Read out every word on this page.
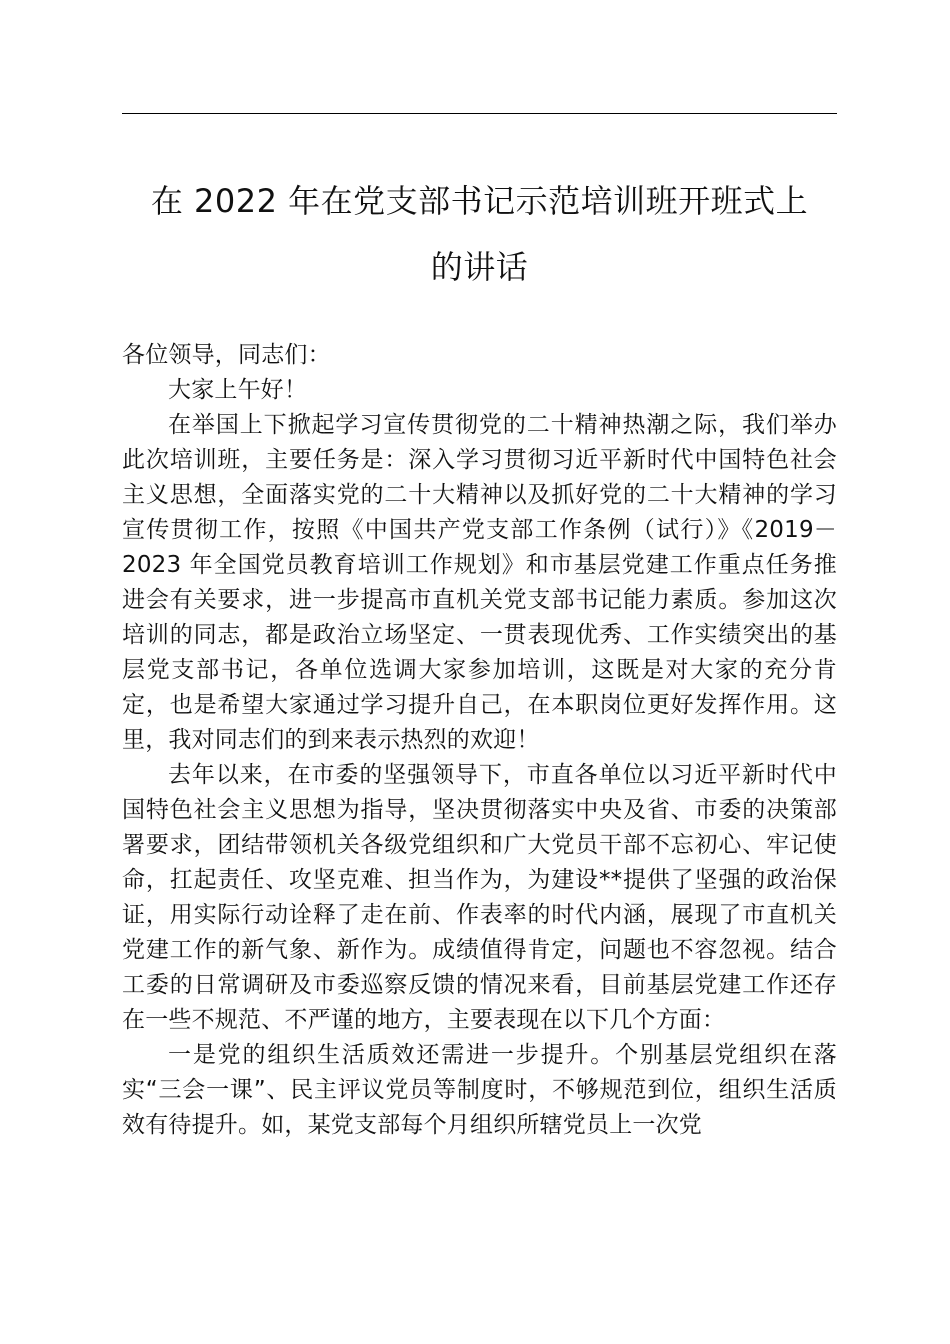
在 2022 年在党支部书记示范培训班开班式上
的讲话

各位领导，同志们：

大家上午好！

在举国上下掀起学习宣传贯彻党的二十精神热潮之际，我们举办此次培训班，主要任务是：深入学习贯彻习近平新时代中国特色社会主义思想，全面落实党的二十大精神以及抓好党的二十大精神的学习宣传贯彻工作，按照《中国共产党支部工作条例（试行）》《2019－2023 年全国党员教育培训工作规划》和市基层党建工作重点任务推进会有关要求，进一步提高市直机关党支部书记能力素质。参加这次培训的同志，都是政治立场坚定、一贯表现优秀、工作实绩突出的基层党支部书记，各单位选调大家参加培训，这既是对大家的充分肯定，也是希望大家通过学习提升自己，在本职岗位更好发挥作用。这里，我对同志们的到来表示热烈的欢迎！

去年以来，在市委的坚强领导下，市直各单位以习近平新时代中国特色社会主义思想为指导，坚决贯彻落实中央及省、市委的决策部署要求，团结带领机关各级党组织和广大党员干部不忘初心、牢记使命，扛起责任、攻坚克难、担当作为，为建设**提供了坚强的政治保证，用实际行动诠释了走在前、作表率的时代内涵，展现了市直机关党建工作的新气象、新作为。成绩值得肯定，问题也不容忽视。结合工委的日常调研及市委巡察反馈的情况来看，目前基层党建工作还存在一些不规范、不严谨的地方，主要表现在以下几个方面：

一是党的组织生活质效还需进一步提升。个别基层党组织在落实“三会一课”、民主评议党员等制度时，不够规范到位，组织生活质效有待提升。如，某党支部每个月组织所辖党员上一次党
